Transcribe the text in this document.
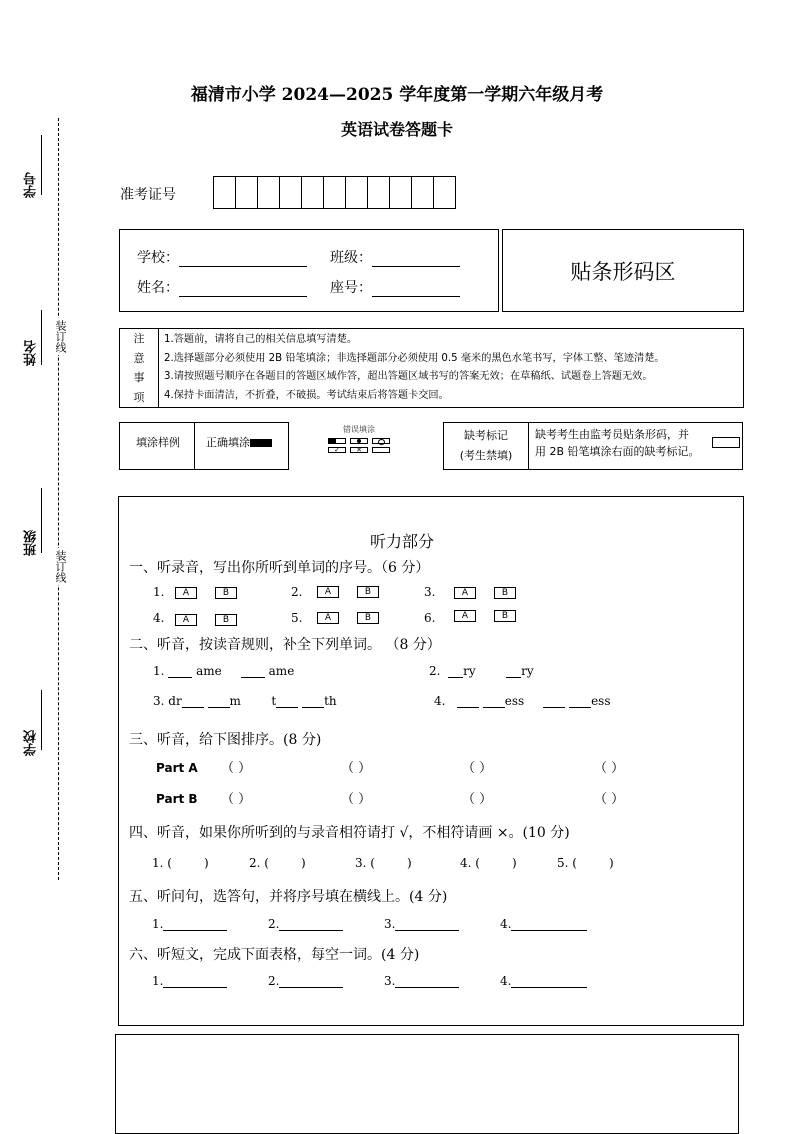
福清市小学 2024—2025 学年度第一学期六年级月考
英语试卷答题卡
学号
姓名
班级
学校
装订线
装订线
准考证号
学校：	班级：
姓名：	座号：
贴条形码区
注
意
事
项
1.答题前，请将自己的相关信息填写清楚。
2.选择题部分必须使用 2B 铅笔填涂；非选择题部分必须使用 0.5 毫米的黑色水笔书写，字体工整、笔迹清楚。
3.请按照题号顺序在各题目的答题区域作答，超出答题区域书写的答案无效；在草稿纸、试题卷上答题无效。
4.保持卡面清洁，不折叠，不破损。考试结束后将答题卡交回。
填涂样例 正确填涂
错误填涂
✓	✕
缺考标记
(考生禁填)
缺考考生由监考员贴条形码，并
用 2B 铅笔填涂右面的缺考标记。
听力部分
一、听录音，写出你所听到单词的序号。（6 分）
1.	A	B	2.	A	B	3.	A	B
4.	A	B	5.	A	B	6.	A	B
二、听音，按读音规则，补全下列单词。 （8 分）
1.	ame	ame	2. ry	ry
3. dr	m	t	th	4.	ess	ess
三、听音，给下图排序。(8 分)
Part A （ ）	（ ）	（ ）	（ ）
Part B （ ）	（ ）	（ ）	（ ）
四、听音，如果你所听到的与录音相符请打 √，不相符请画 ×。(10 分)
1. (	)	2. (	)	3. (	)	4. (	)	5. (	)
五、听问句，选答句，并将序号填在横线上。(4 分)
1.	2.	3.	4.
六、听短文，完成下面表格，每空一词。(4 分)
1.	2.	3.	4.
